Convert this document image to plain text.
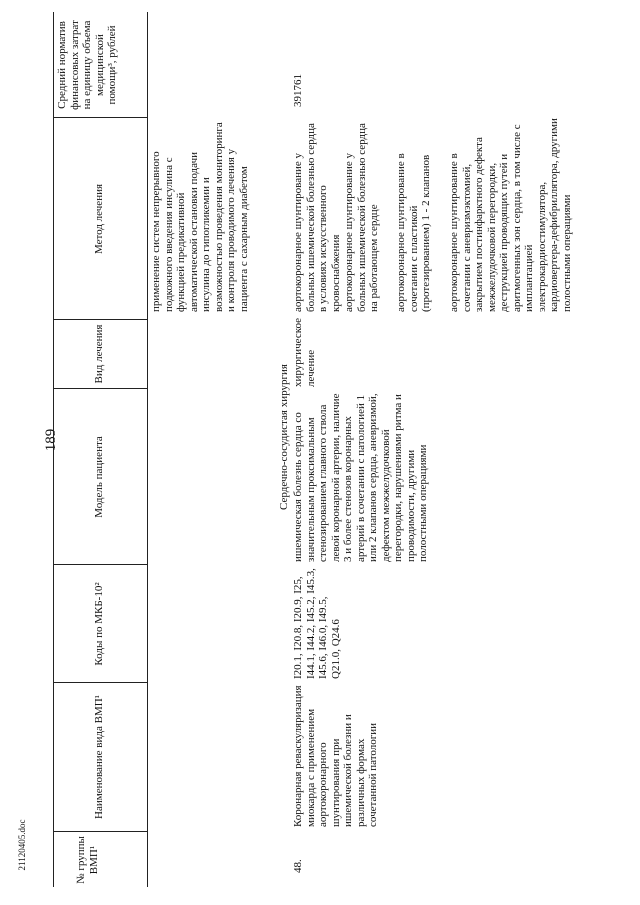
189
21120405.doc	№ группы ВМП¹
Наименование вида ВМП¹
Коды по МКБ-10²
Модель пациента
Вид лечения
Метод лечения
Средний норматив финансовых затрат на единицу объема медицинской помощи³, рублей
применение систем непрерывного подкожного введения инсулина с функцией предикативной автоматической остановки подачи инсулина до гипогликемии и возможностью проведения мониторинга и контроля проводимого лечения у пациента с сахарным диабетом
Сердечно-сосудистая хирургия
48.
Коронарная реваскуляризация миокарда с применением аортокоронарного шунтирования при ишемической болезни и различных формах сочетанной патологии
I20.1, I20.8, I20.9, I25, I44.1, I44.2, I45.2, I45.3, I45.6, I46.0, I49.5, Q21.0, Q24.6
ишемическая болезнь сердца со значительным проксимальным стенозированием главного ствола левой коронарной артерии, наличие 3 и более стенозов коронарных артерий в сочетании с патологией 1 или 2 клапанов сердца, аневризмой, дефектом межжелудочковой перегородки, нарушениями ритма и проводимости, другими полостными операциями
хирургическое лечение
аортокоронарное шунтирование у больных ишемической болезнью сердца в условиях искусственного кровоснабжения аортокоронарное шунтирование у больных ишемической болезнью сердца на работающем сердце аортокоронарное шунтирование в сочетании с пластикой (протезированием) 1 - 2 клапанов аортокоронарное шунтирование в сочетании с аневризмэктомией, закрытием постинфарктного дефекта межжелудочковой перегородки, деструкцией проводящих путей и аритмогенных зон сердца, в том числе с имплантацией электрокардиостимулятора, кардиовертера-дефибриллятора, другими полостными операциями
391761
